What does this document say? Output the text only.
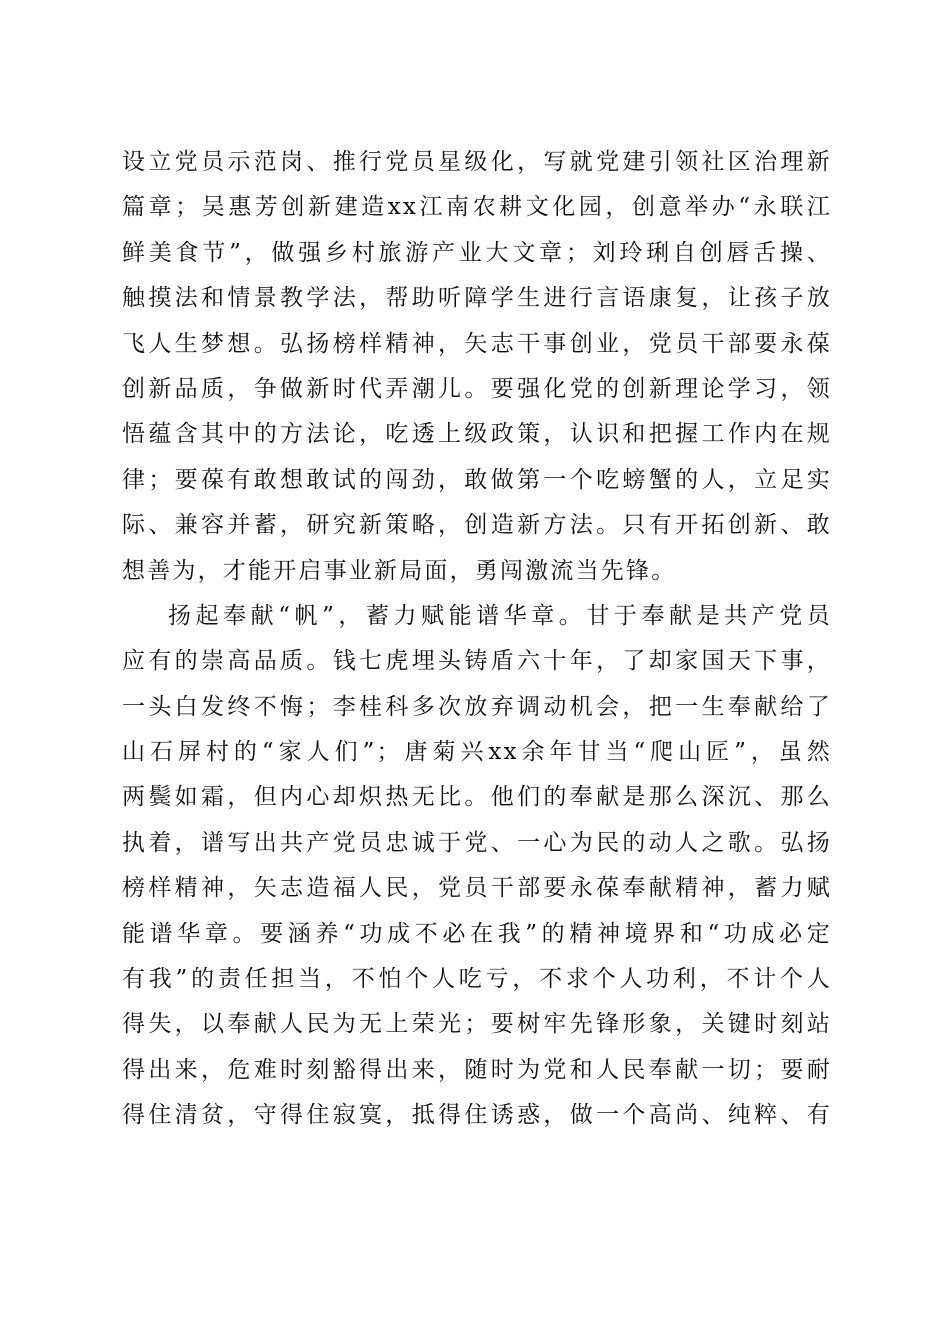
设立党员示范岗、推行党员星级化，写就党建引领社区治理新
篇章；吴惠芳创新建造xx江南农耕文化园，创意举办“永联江
鲜美食节”，做强乡村旅游产业大文章；刘玲琍自创唇舌操、
触摸法和情景教学法，帮助听障学生进行言语康复，让孩子放
飞人生梦想。弘扬榜样精神，矢志干事创业，党员干部要永葆
创新品质，争做新时代弄潮儿。要强化党的创新理论学习，领
悟蕴含其中的方法论，吃透上级政策，认识和把握工作内在规
律；要葆有敢想敢试的闯劲，敢做第一个吃螃蟹的人，立足实
际、兼容并蓄，研究新策略，创造新方法。只有开拓创新、敢
想善为，才能开启事业新局面，勇闯激流当先锋。

扬起奉献“帆”，蓄力赋能谱华章。甘于奉献是共产党员
应有的崇高品质。钱七虎埋头铸盾六十年，了却家国天下事，
一头白发终不悔；李桂科多次放弃调动机会，把一生奉献给了
山石屏村的“家人们”；唐菊兴xx余年甘当“爬山匠”，虽然
两鬓如霜，但内心却炽热无比。他们的奉献是那么深沉、那么
执着，谱写出共产党员忠诚于党、一心为民的动人之歌。弘扬
榜样精神，矢志造福人民，党员干部要永葆奉献精神，蓄力赋
能谱华章。要涵养“功成不必在我”的精神境界和“功成必定
有我”的责任担当，不怕个人吃亏，不求个人功利，不计个人
得失，以奉献人民为无上荣光；要树牢先锋形象，关键时刻站
得出来，危难时刻豁得出来，随时为党和人民奉献一切；要耐
得住清贫，守得住寂寞，抵得住诱惑，做一个高尚、纯粹、有
